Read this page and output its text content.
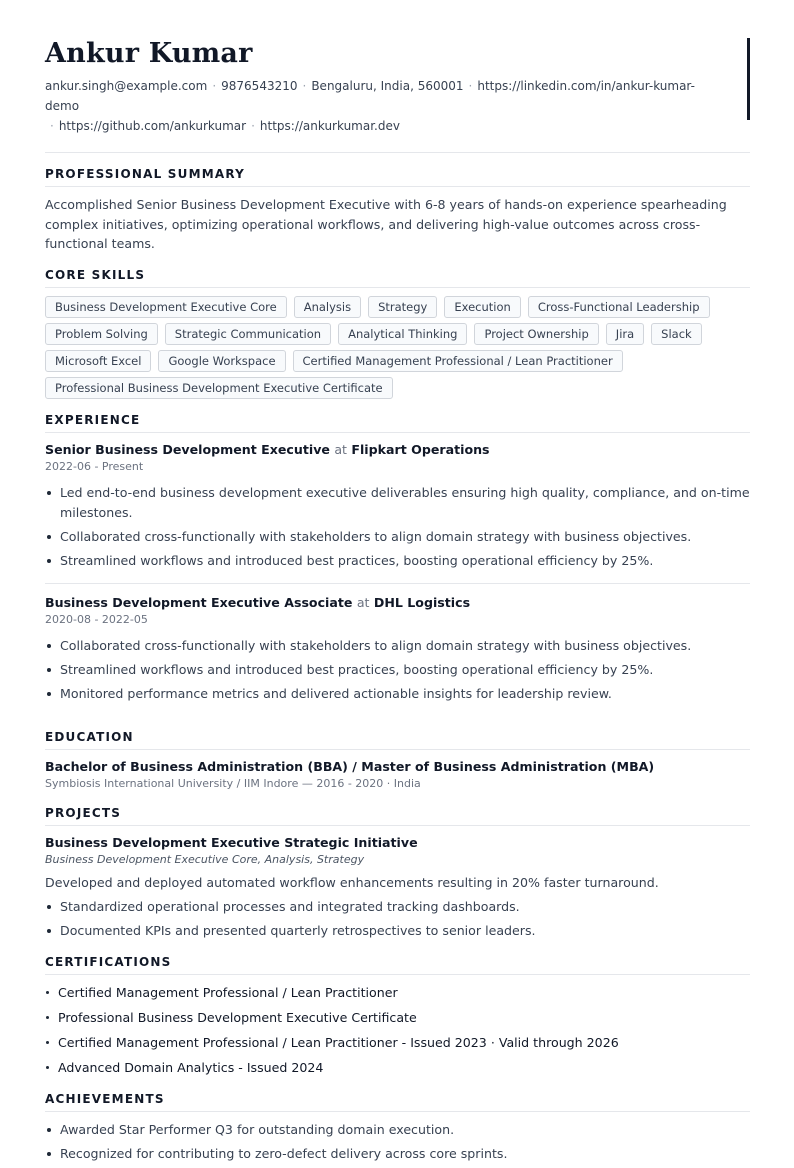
Ankur Kumar
ankur.singh@example.com · 9876543210 · Bengaluru, India, 560001 · https://linkedin.com/in/ankur-kumar-demo
· https://github.com/ankurkumar · https://ankurkumar.dev
PROFESSIONAL SUMMARY
Accomplished Senior Business Development Executive with 6-8 years of hands-on experience spearheading complex initiatives, optimizing operational workflows, and delivering high-value outcomes across cross-functional teams.
CORE SKILLS
Business Development Executive Core	Analysis	Strategy	Execution	Cross-Functional Leadership
Problem Solving	Strategic Communication	Analytical Thinking	Project Ownership	Jira	Slack
Microsoft Excel	Google Workspace	Certified Management Professional / Lean Practitioner
Professional Business Development Executive Certificate
EXPERIENCE
Senior Business Development Executive at Flipkart Operations
2022-06 - Present
Led end-to-end business development executive deliverables ensuring high quality, compliance, and on-time milestones.
Collaborated cross-functionally with stakeholders to align domain strategy with business objectives.
Streamlined workflows and introduced best practices, boosting operational efficiency by 25%.
Business Development Executive Associate at DHL Logistics
2020-08 - 2022-05
Collaborated cross-functionally with stakeholders to align domain strategy with business objectives.
Streamlined workflows and introduced best practices, boosting operational efficiency by 25%.
Monitored performance metrics and delivered actionable insights for leadership review.
EDUCATION
Bachelor of Business Administration (BBA) / Master of Business Administration (MBA)
Symbiosis International University / IIM Indore — 2016 - 2020 · India
PROJECTS
Business Development Executive Strategic Initiative
Business Development Executive Core, Analysis, Strategy
Developed and deployed automated workflow enhancements resulting in 20% faster turnaround.
Standardized operational processes and integrated tracking dashboards.
Documented KPIs and presented quarterly retrospectives to senior leaders.
CERTIFICATIONS
Certified Management Professional / Lean Practitioner
Professional Business Development Executive Certificate
Certified Management Professional / Lean Practitioner - Issued 2023 · Valid through 2026
Advanced Domain Analytics - Issued 2024
ACHIEVEMENTS
Awarded Star Performer Q3 for outstanding domain execution.
Recognized for contributing to zero-defect delivery across core sprints.
